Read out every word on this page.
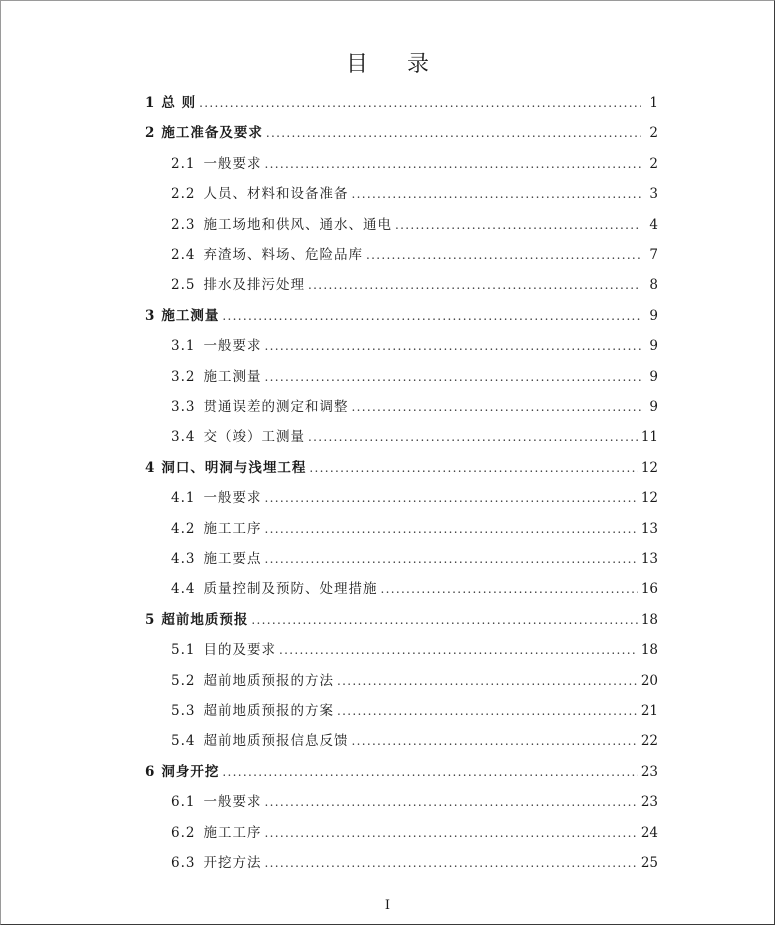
目 录
1 总 则 .....	1
2 施工准备及要求 .....	2
2.1 一般要求 .....	2
2.2 人员、材料和设备准备 .....	3
2.3 施工场地和供风、通水、通电 .....	4
2.4 弃渣场、料场、危险品库 .....	7
2.5 排水及排污处理 .....	8
3 施工测量 .....	9
3.1 一般要求 .....	9
3.2 施工测量 .....	9
3.3 贯通误差的测定和调整 .....	9
3.4 交（竣）工测量 .....	11
4 洞口、明洞与浅埋工程 .....	12
4.1 一般要求 .....	12
4.2 施工工序 .....	13
4.3 施工要点 .....	13
4.4 质量控制及预防、处理措施 .....	16
5 超前地质预报 .....	18
5.1 目的及要求 .....	18
5.2 超前地质预报的方法 .....	20
5.3 超前地质预报的方案 .....	21
5.4 超前地质预报信息反馈 .....	22
6 洞身开挖 .....	23
6.1 一般要求 .....	23
6.2 施工工序 .....	24
6.3 开挖方法 .....	25
I
